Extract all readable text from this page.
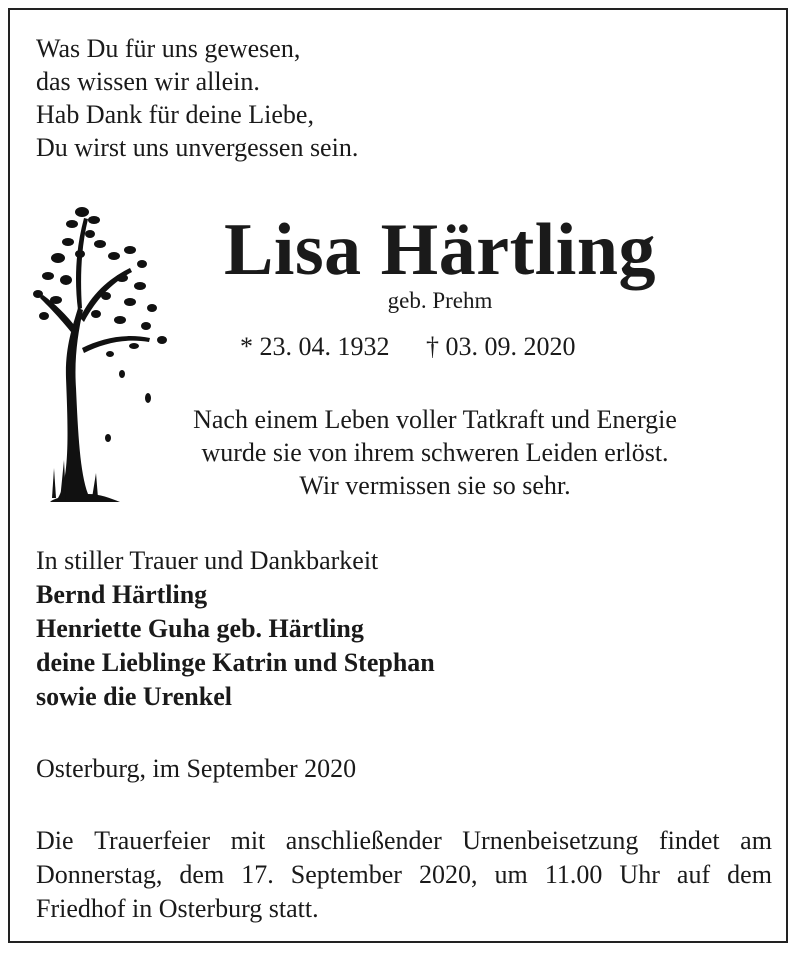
Was Du für uns gewesen,
das wissen wir allein.
Hab Dank für deine Liebe,
Du wirst uns unvergessen sein.
Lisa Härtling
geb. Prehm
* 23. 04. 1932 † 03. 09. 2020
Nach einem Leben voller Tatkraft und Energie
wurde sie von ihrem schweren Leiden erlöst.
Wir vermissen sie so sehr.
In stiller Trauer und Dankbarkeit
Bernd Härtling
Henriette Guha geb. Härtling
deine Lieblinge Katrin und Stephan
sowie die Urenkel
Osterburg, im September 2020
Die Trauerfeier mit anschließender Urnenbeisetzung findet am
Donnerstag, dem 17. September 2020, um 11.00 Uhr auf dem
Friedhof in Osterburg statt.
